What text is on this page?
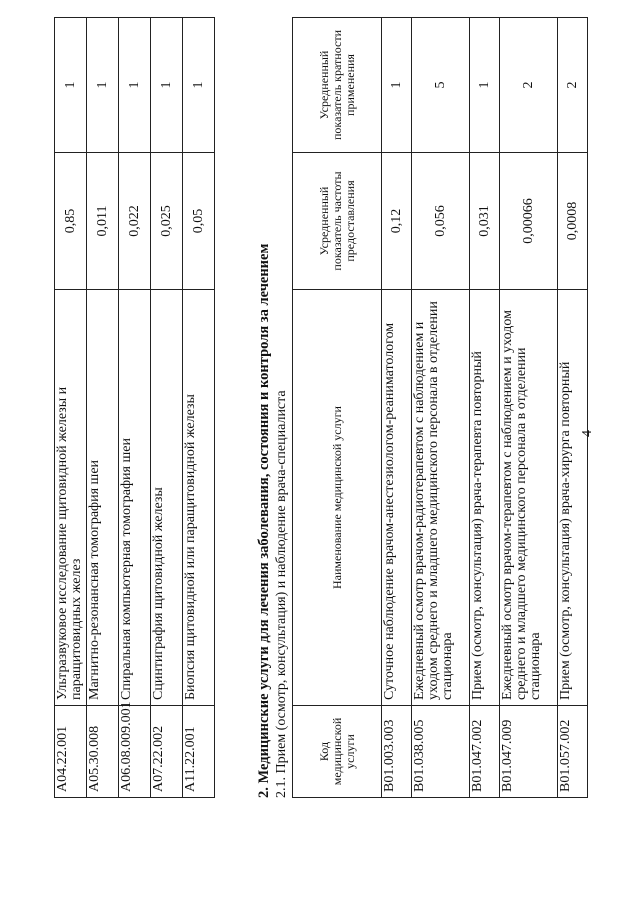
4
A04.22.001	Ультразвуковое исследование щитовидной железы и паращитовидных желез	0,85	1
A05.30.008	Магнитно-резонансная томография шеи	0,011	1
A06.08.009.001	Спиральная компьютерная томография шеи	0,022	1
A07.22.002	Сцинтиграфия щитовидной железы	0,025	1
A11.22.001	Биопсия щитовидной или паращитовидной железы	0,05	1
2. Медицинские услуги для лечения заболевания, состояния и контроля за лечением 2.1. Прием (осмотр, консультация) и наблюдение врача-специалиста Код медицинской услуги	Наименование медицинской услуги	Усредненный показатель частоты предоставления	Усредненный показатель кратности применения
B01.003.003	Суточное наблюдение врачом-анестезиологом-реаниматологом	0,12	1
B01.038.005	Ежедневный осмотр врачом-радиотерапевтом с наблюдением и уходом среднего и младшего медицинского персонала в отделении стационара	0,056	5
B01.047.002	Прием (осмотр, консультация) врача-терапевта повторный	0,031	1
B01.047.009	Ежедневный осмотр врачом-терапевтом с наблюдением и уходом среднего и младшего медицинского персонала в отделении стационара	0,00066	2
B01.057.002	Прием (осмотр, консультация) врача-хирурга повторный	0,0008	2
